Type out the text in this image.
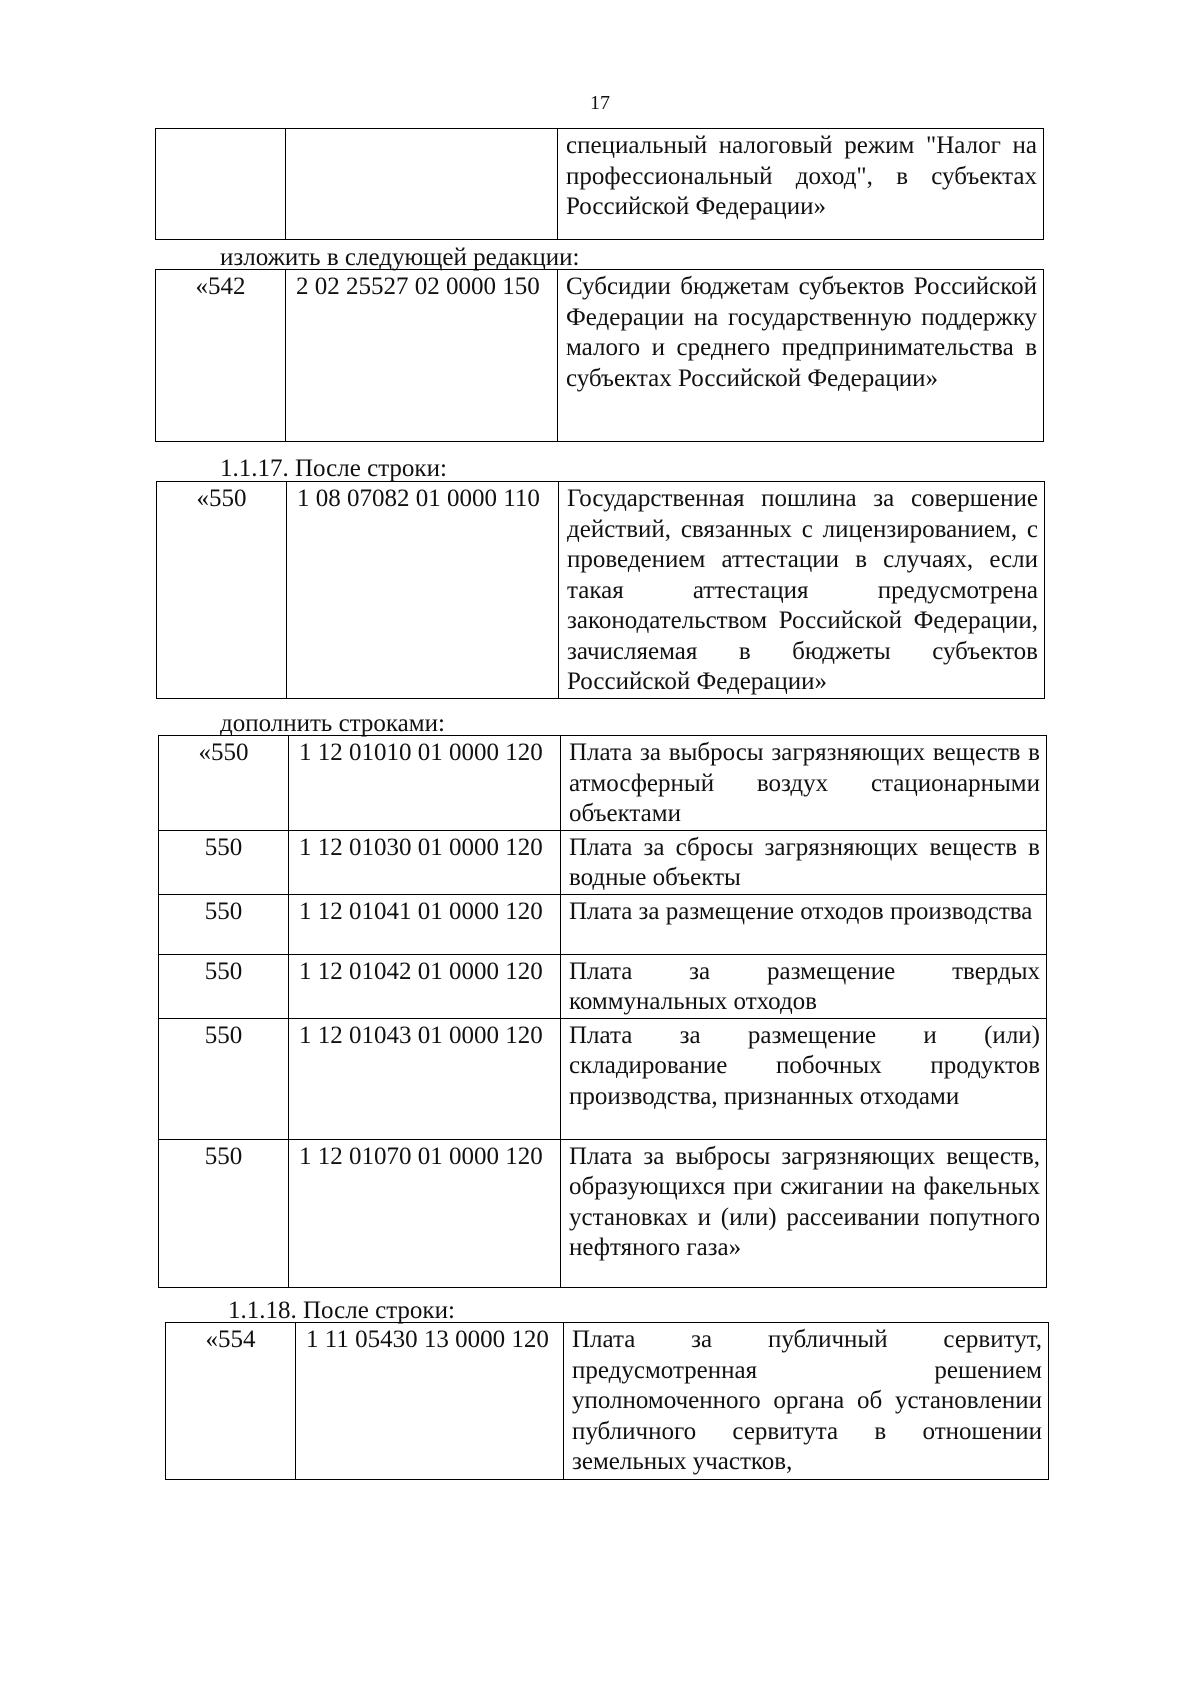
17
		специальный налоговый режим "Налог на профессиональный доход", в субъектах Российской Федерации»
изложить в следующей редакции:
«542	2 02 25527 02 0000 150	Субсидии бюджетам субъектов Российской Федерации на государственную поддержку малого и среднего предпринимательства в субъектах Российской Федерации»
1.1.17. После строки:
«550	1 08 07082 01 0000 110	Государственная пошлина за совершение действий, связанных с лицензированием, с проведением аттестации в случаях, если такая аттестация предусмотрена законодательством Российской Федерации, зачисляемая в бюджеты субъектов Российской Федерации»
дополнить строками:
«550	1 12 01010 01 0000 120	Плата за выбросы загрязняющих веществ в атмосферный воздух стационарными объектами
550	1 12 01030 01 0000 120	Плата за сбросы загрязняющих веществ в водные объекты
550	1 12 01041 01 0000 120	Плата за размещение отходов производства
550	1 12 01042 01 0000 120	Плата за размещение твердых коммунальных отходов
550	1 12 01043 01 0000 120	Плата за размещение и (или) складирование побочных продуктов производства, признанных отходами
550	1 12 01070 01 0000 120	Плата за выбросы загрязняющих веществ, образующихся при сжигании на факельных установках и (или) рассеивании попутного нефтяного газа»
1.1.18. После строки:
«554	1 11 05430 13 0000 120	Плата за публичный сервитут, предусмотренная решением уполномоченного органа об установлении публичного сервитута в отношении земельных участков,
